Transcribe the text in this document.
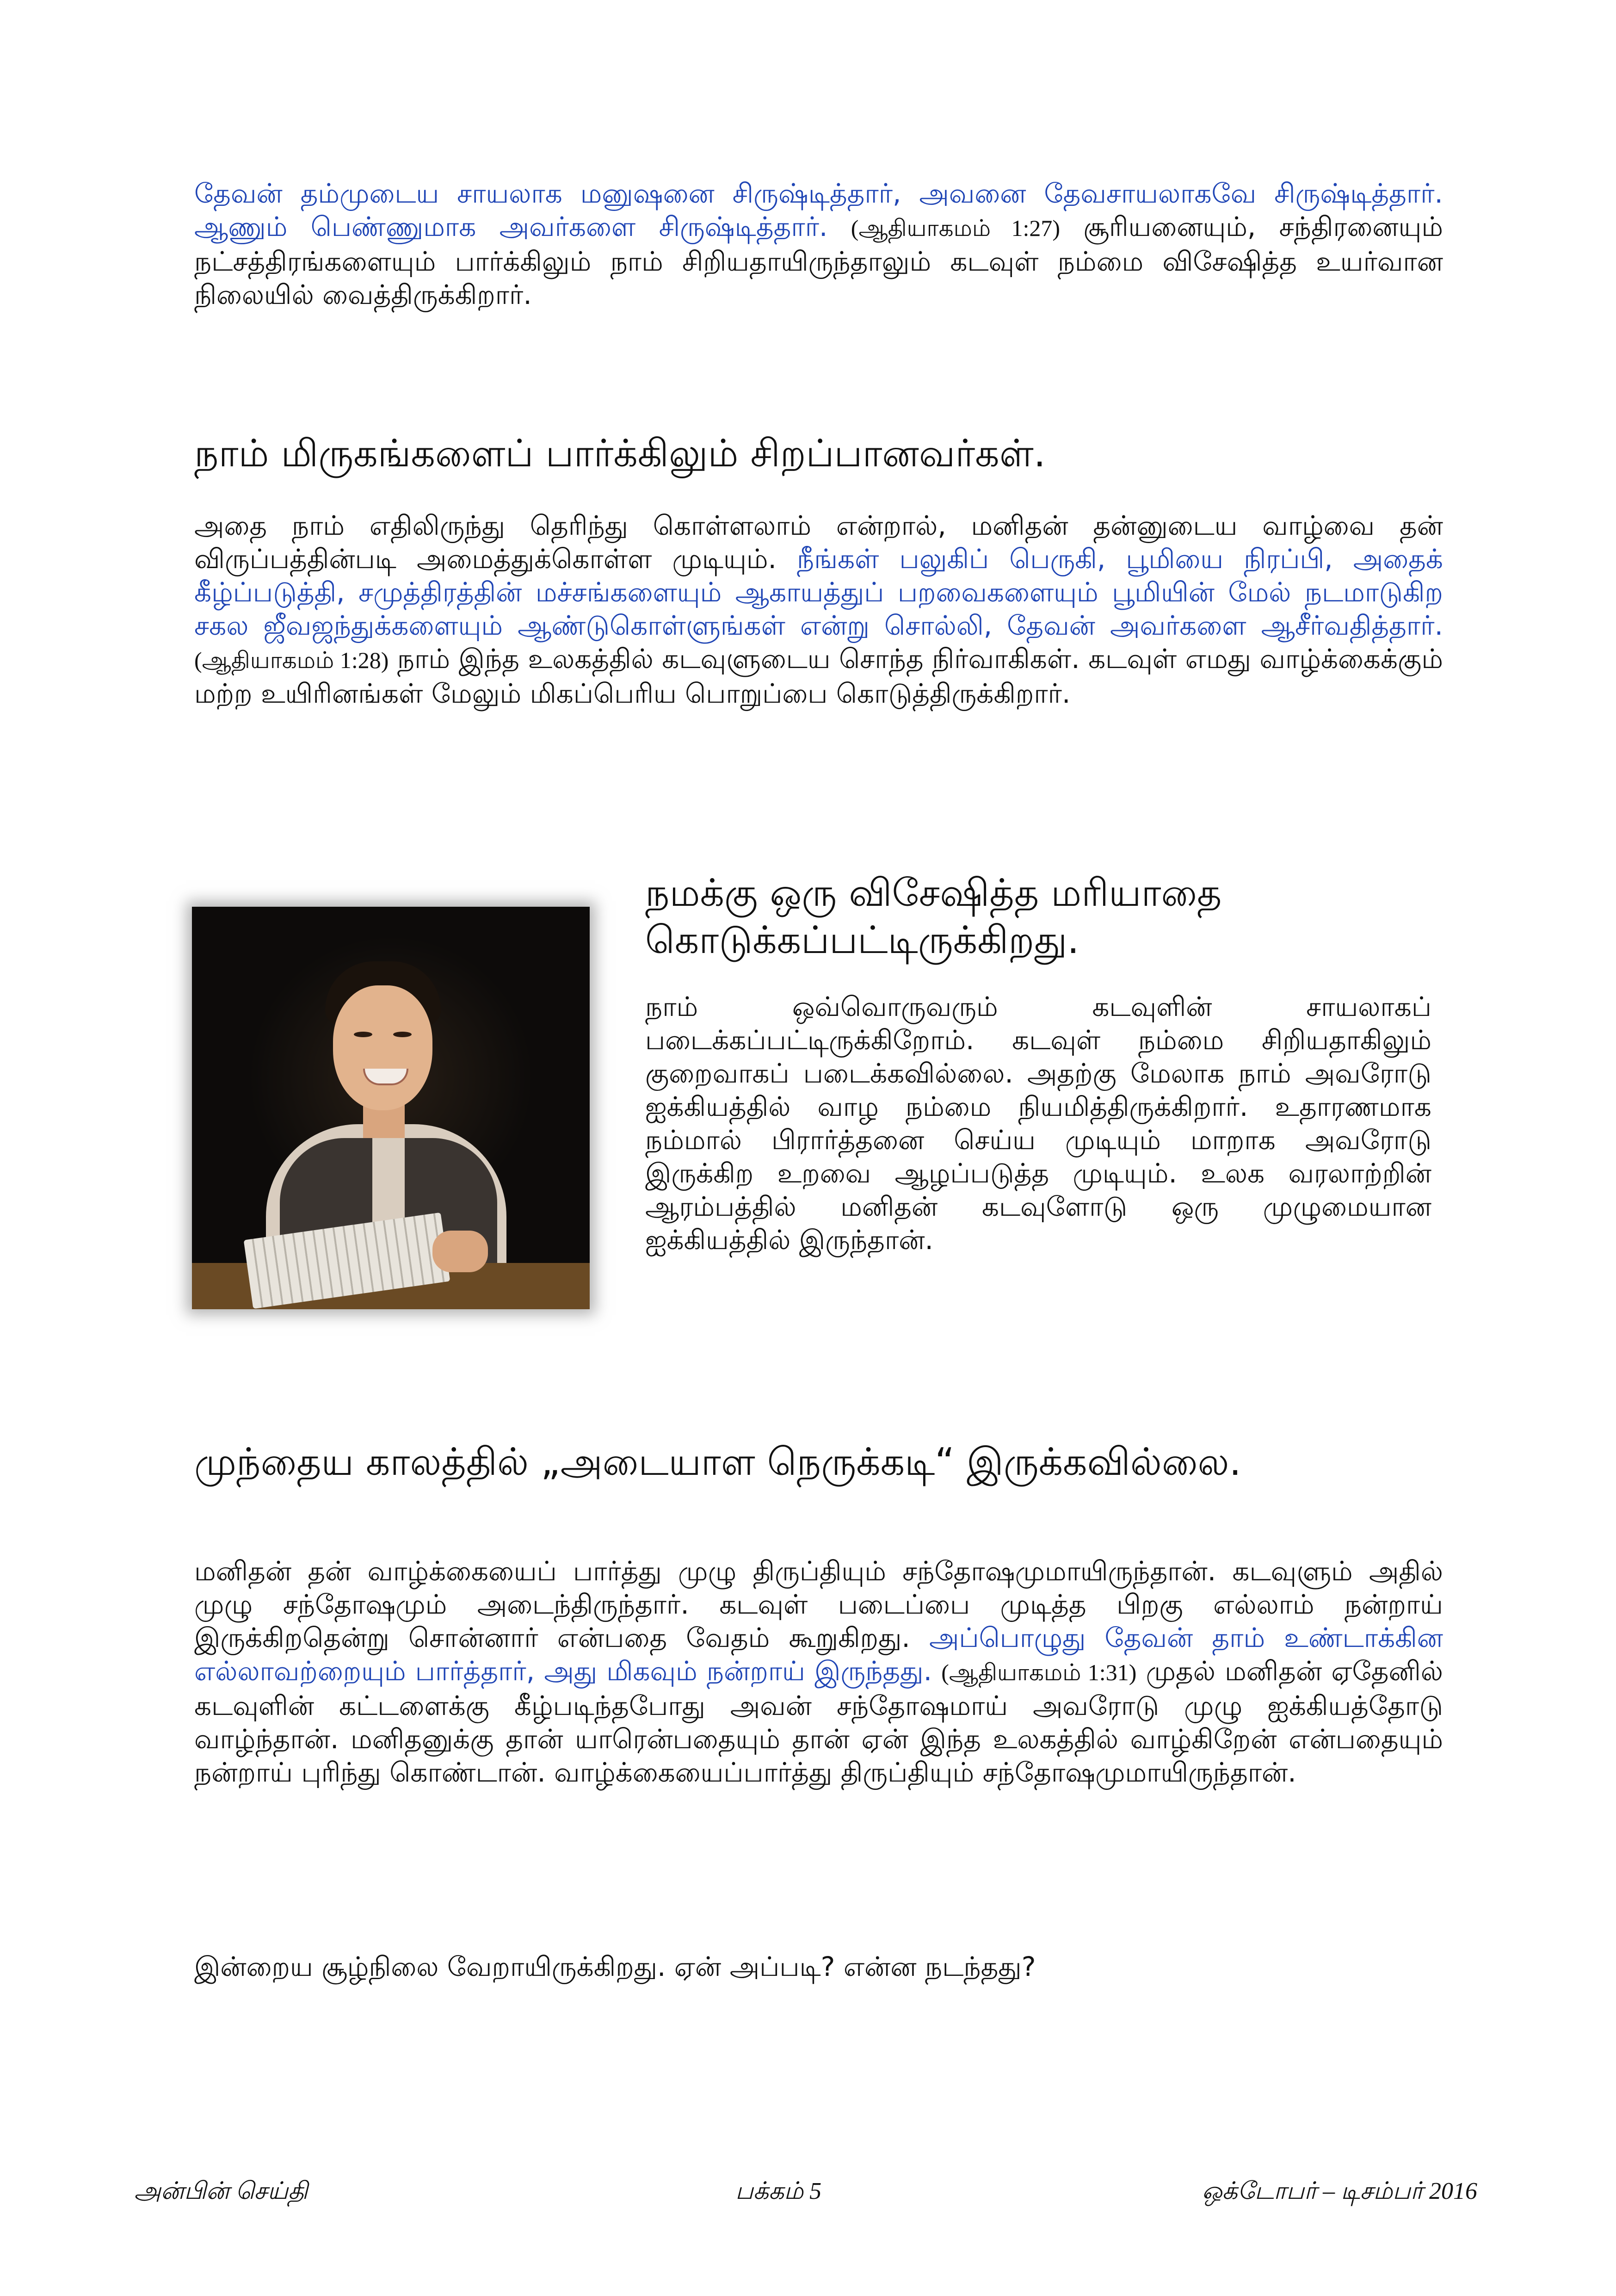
தேவன் தம்முடைய சாயலாக மனுஷனை சிருஷ்டித்தார், அவனை தேவசாயலாகவே சிருஷ்டித்தார். ஆணும் பெண்ணுமாக அவர்களை சிருஷ்டித்தார். (ஆதியாகமம் 1:27) சூரியனையும், சந்திரனையும் நட்சத்திரங்களையும் பார்க்கிலும் நாம் சிறியதாயிருந்தாலும் கடவுள் நம்மை விசேஷித்த உயர்வான நிலையில் வைத்திருக்கிறார்.

நாம் மிருகங்களைப் பார்க்கிலும் சிறப்பானவர்கள்.

அதை நாம் எதிலிருந்து தெரிந்து கொள்ளலாம் என்றால், மனிதன் தன்னுடைய வாழ்வை தன் விருப்பத்தின்படி அமைத்துக்கொள்ள முடியும். நீங்கள் பலுகிப் பெருகி, பூமியை நிரப்பி, அதைக் கீழ்ப்படுத்தி, சமுத்திரத்தின் மச்சங்களையும் ஆகாயத்துப் பறவைகளையும் பூமியின் மேல் நடமாடுகிற சகல ஜீவஜந்துக்களையும் ஆண்டுகொள்ளுங்கள் என்று சொல்லி, தேவன் அவர்களை ஆசீர்வதித்தார். (ஆதியாகமம் 1:28) நாம் இந்த உலகத்தில் கடவுளுடைய சொந்த நிர்வாகிகள். கடவுள் எமது வாழ்க்கைக்கும் மற்ற உயிரினங்கள் மேலும் மிகப்பெரிய பொறுப்பை கொடுத்திருக்கிறார்.

நமக்கு ஒரு விசேஷித்த மரியாதை கொடுக்கப்பட்டிருக்கிறது.

நாம் ஒவ்வொருவரும் கடவுளின் சாயலாகப் படைக்கப்பட்டிருக்கிறோம். கடவுள் நம்மை சிறியதாகிலும் குறைவாகப் படைக்கவில்லை. அதற்கு மேலாக நாம் அவரோடு ஐக்கியத்தில் வாழ நம்மை நியமித்திருக்கிறார். உதாரணமாக நம்மால் பிரார்த்தனை செய்ய முடியும் மாறாக அவரோடு இருக்கிற உறவை ஆழப்படுத்த முடியும். உலக வரலாற்றின் ஆரம்பத்தில் மனிதன் கடவுளோடு ஒரு முழுமையான ஐக்கியத்தில் இருந்தான்.

முந்தைய காலத்தில் „அடையாள நெருக்கடி“ இருக்கவில்லை.

மனிதன் தன் வாழ்க்கையைப் பார்த்து முழு திருப்தியும் சந்தோஷமுமாயிருந்தான். கடவுளும் அதில் முழு சந்தோஷமும் அடைந்திருந்தார். கடவுள் படைப்பை முடித்த பிறகு எல்லாம் நன்றாய் இருக்கிறதென்று சொன்னார் என்பதை வேதம் கூறுகிறது. அப்பொழுது தேவன் தாம் உண்டாக்கின எல்லாவற்றையும் பார்த்தார், அது மிகவும் நன்றாய் இருந்தது. (ஆதியாகமம் 1:31) முதல் மனிதன் ஏதேனில் கடவுளின் கட்டளைக்கு கீழ்படிந்தபோது அவன் சந்தோஷமாய் அவரோடு முழு ஐக்கியத்தோடு வாழ்ந்தான். மனிதனுக்கு தான் யாரென்பதையும் தான் ஏன் இந்த உலகத்தில் வாழ்கிறேன் என்பதையும் நன்றாய் புரிந்து கொண்டான். வாழ்க்கையைப்பார்த்து திருப்தியும் சந்தோஷமுமாயிருந்தான்.

இன்றைய சூழ்நிலை வேறாயிருக்கிறது. ஏன் அப்படி? என்ன நடந்தது?

அன்பின் செய்தி	பக்கம் 5	ஒக்டோபர் – டிசம்பர் 2016
